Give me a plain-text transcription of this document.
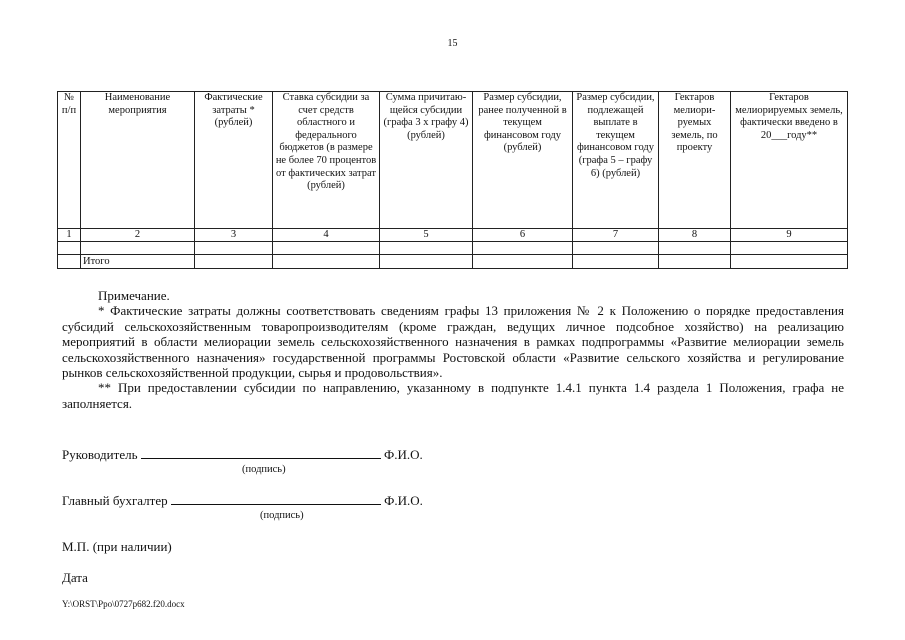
15
№ п/п	Наименование мероприятия	Фактические затраты * (рублей)	Ставка субсидии за счет средств областного и федерального бюджетов (в размере не более 70 процентов от фактических затрат (рублей)	Сумма причитаю-щейся субсидии (графа 3 х графу 4) (рублей)	Размер субсидии, ранее полученной в текущем финансовом году (рублей)	Размер субсидии, подлежащей выплате в текущем финансовом году (графа 5 – графу 6) (рублей)	Гектаров мелиори-руемых земель, по проекту	Гектаров мелиорируемых земель, фактически введено в 20___году**
1	2	3	4	5	6	7	8	9

	Итого							

Примечание.

* Фактические затраты должны соответствовать сведениям графы 13 приложения № 2 к Положению о порядке предоставления субсидий сельскохозяйственным товаропроизводителям (кроме граждан, ведущих личное подсобное хозяйство) на реализацию мероприятий в области мелиорации земель сельскохозяйственного назначения в рамках подпрограммы «Развитие мелиорации земель сельскохозяйственного назначения» государственной программы Ростовской области «Развитие сельского хозяйства и регулирование рынков сельскохозяйственной продукции, сырья и продовольствия».

** При предоставлении субсидии по направлению, указанному в подпункте 1.4.1 пункта 1.4 раздела 1 Положения, графа не заполняется.

Руководитель	Ф.И.О.
(подпись)
Главный бухгалтер	Ф.И.О.
(подпись)
М.П. (при наличии)
Дата
Y:\ORST\Ppo\0727p682.f20.docx
